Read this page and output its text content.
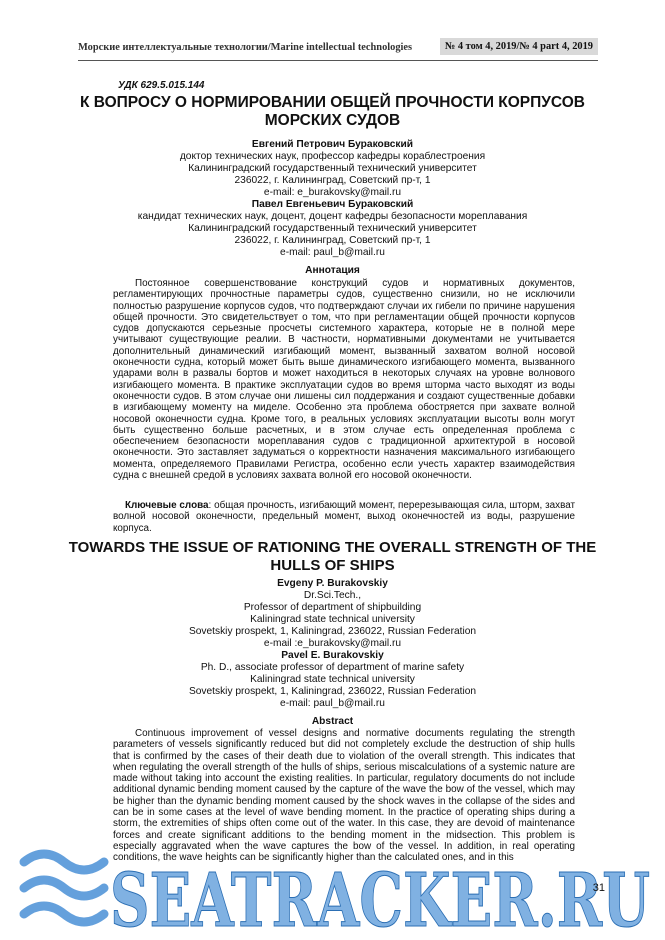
Морские интеллектуальные технологии/Marine intellectual technologies	№ 4 том 4, 2019/№ 4 part 4, 2019
УДК 629.5.015.144
К ВОПРОСУ О НОРМИРОВАНИИ ОБЩЕЙ ПРОЧНОСТИ КОРПУСОВ
МОРСКИХ СУДОВ
Евгений Петрович Бураковский
доктор технических наук, профессор кафедры кораблестроения
Калининградский государственный технический университет
236022, г. Калининград, Советский пр-т, 1
e-mail: e_burakovsky@mail.ru
Павел Евгеньевич Бураковский
кандидат технических наук, доцент, доцент кафедры безопасности мореплавания
Калининградский государственный технический университет
236022, г. Калининград, Советский пр-т, 1
e-mail: paul_b@mail.ru
Аннотация

Постоянное совершенствование конструкций судов и нормативных документов, регламентирующих прочностные параметры судов, существенно снизили, но не исключили полностью разрушение корпусов судов, что подтверждают случаи их гибели по причине нарушения общей прочности. Это свидетельствует о том, что при регламентации общей прочности корпусов судов допускаются серьезные просчеты системного характера, которые не в полной мере учитывают существующие реалии. В частности, нормативными документами не учитывается дополнительный динамический изгибающий момент, вызванный захватом волной носовой оконечности судна, который может быть выше динамического изгибающего момента, вызванного ударами волн в развалы бортов и может находиться в некоторых случаях на уровне волнового изгибающего момента. В практике эксплуатации судов во время шторма часто выходят из воды оконечности судов. В этом случае они лишены сил поддержания и создают существенные добавки в изгибающему моменту на миделе. Особенно эта проблема обостряется при захвате волной носовой оконечности судна. Кроме того, в реальных условиях эксплуатации высоты волн могут быть существенно больше расчетных, и в этом случае есть определенная проблема с обеспечением безопасности мореплавания судов с традиционной архитектурой в носовой оконечности. Это заставляет задуматься о корректности назначения максимального изгибающего момента, определяемого Правилами Регистра, особенно если учесть характер взаимодействия судна с внешней средой в условиях захвата волной его носовой оконечности.

Ключевые слова: общая прочность, изгибающий момент, перерезывающая сила, шторм, захват волной носовой оконечности, предельный момент, выход оконечностей из воды, разрушение корпуса.

TOWARDS THE ISSUE OF RATIONING THE OVERALL STRENGTH OF THE
HULLS OF SHIPS
Evgeny P. Burakovskiy
Dr.Sci.Tech.,
Professor of department of shipbuilding
Kaliningrad state technical university
Sovetskiy prospekt, 1, Kaliningrad, 236022, Russian Federation
e-mail :e_burakovsky@mail.ru
Pavel E. Burakovskiy
Ph. D., associate professor of department of marine safety
Kaliningrad state technical university
Sovetskiy prospekt, 1, Kaliningrad, 236022, Russian Federation
e-mail: paul_b@mail.ru
Abstract

Continuous improvement of vessel designs and normative documents regulating the strength parameters of vessels significantly reduced but did not completely exclude the destruction of ship hulls that is confirmed by the cases of their death due to violation of the overall strength. This indicates that when regulating the overall strength of the hulls of ships, serious miscalculations of a systemic nature are made without taking into account the existing realities. In particular, regulatory documents do not include additional dynamic bending moment caused by the capture of the wave the bow of the vessel, which may be higher than the dynamic bending moment caused by the shock waves in the collapse of the sides and can be in some cases at the level of wave bending moment. In the practice of operating ships during a storm, the extremities of ships often come out of the water. In this case, they are devoid of maintenance forces and create significant additions to the bending moment in the midsection. This problem is especially aggravated when the wave captures the bow of the vessel. In addition, in real operating conditions, the wave heights can be significantly higher than the calculated ones, and in this

SEATRACKER.RU
31
